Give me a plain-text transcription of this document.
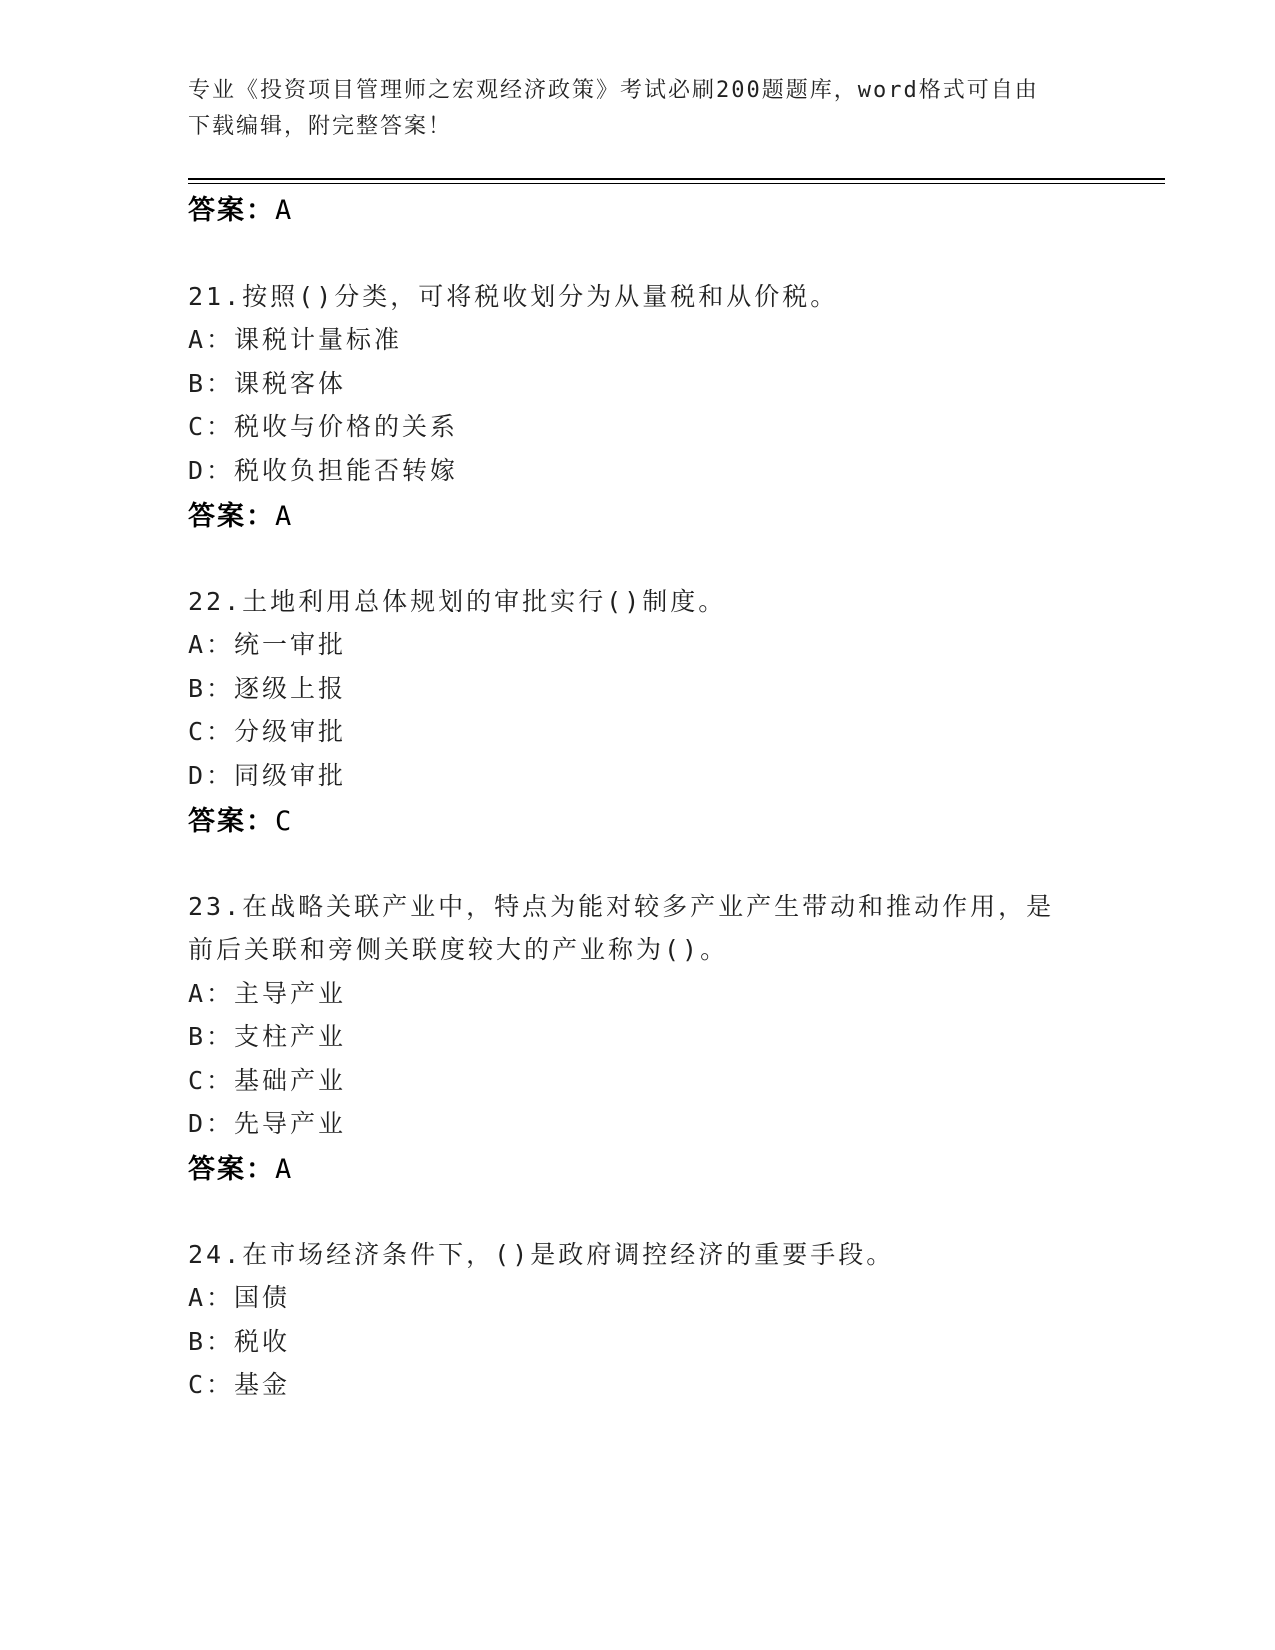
专业《投资项目管理师之宏观经济政策》考试必刷200题题库，word格式可自由
下载编辑，附完整答案！
答案：A
21.按照()分类，可将税收划分为从量税和从价税。
A：课税计量标准
B：课税客体
C：税收与价格的关系
D：税收负担能否转嫁
答案：A
22.土地利用总体规划的审批实行()制度。
A：统一审批
B：逐级上报
C：分级审批
D：同级审批
答案：C
23.在战略关联产业中，特点为能对较多产业产生带动和推动作用，是
前后关联和旁侧关联度较大的产业称为()。
A：主导产业
B：支柱产业
C：基础产业
D：先导产业
答案：A
24.在市场经济条件下，()是政府调控经济的重要手段。
A：国债
B：税收
C：基金
